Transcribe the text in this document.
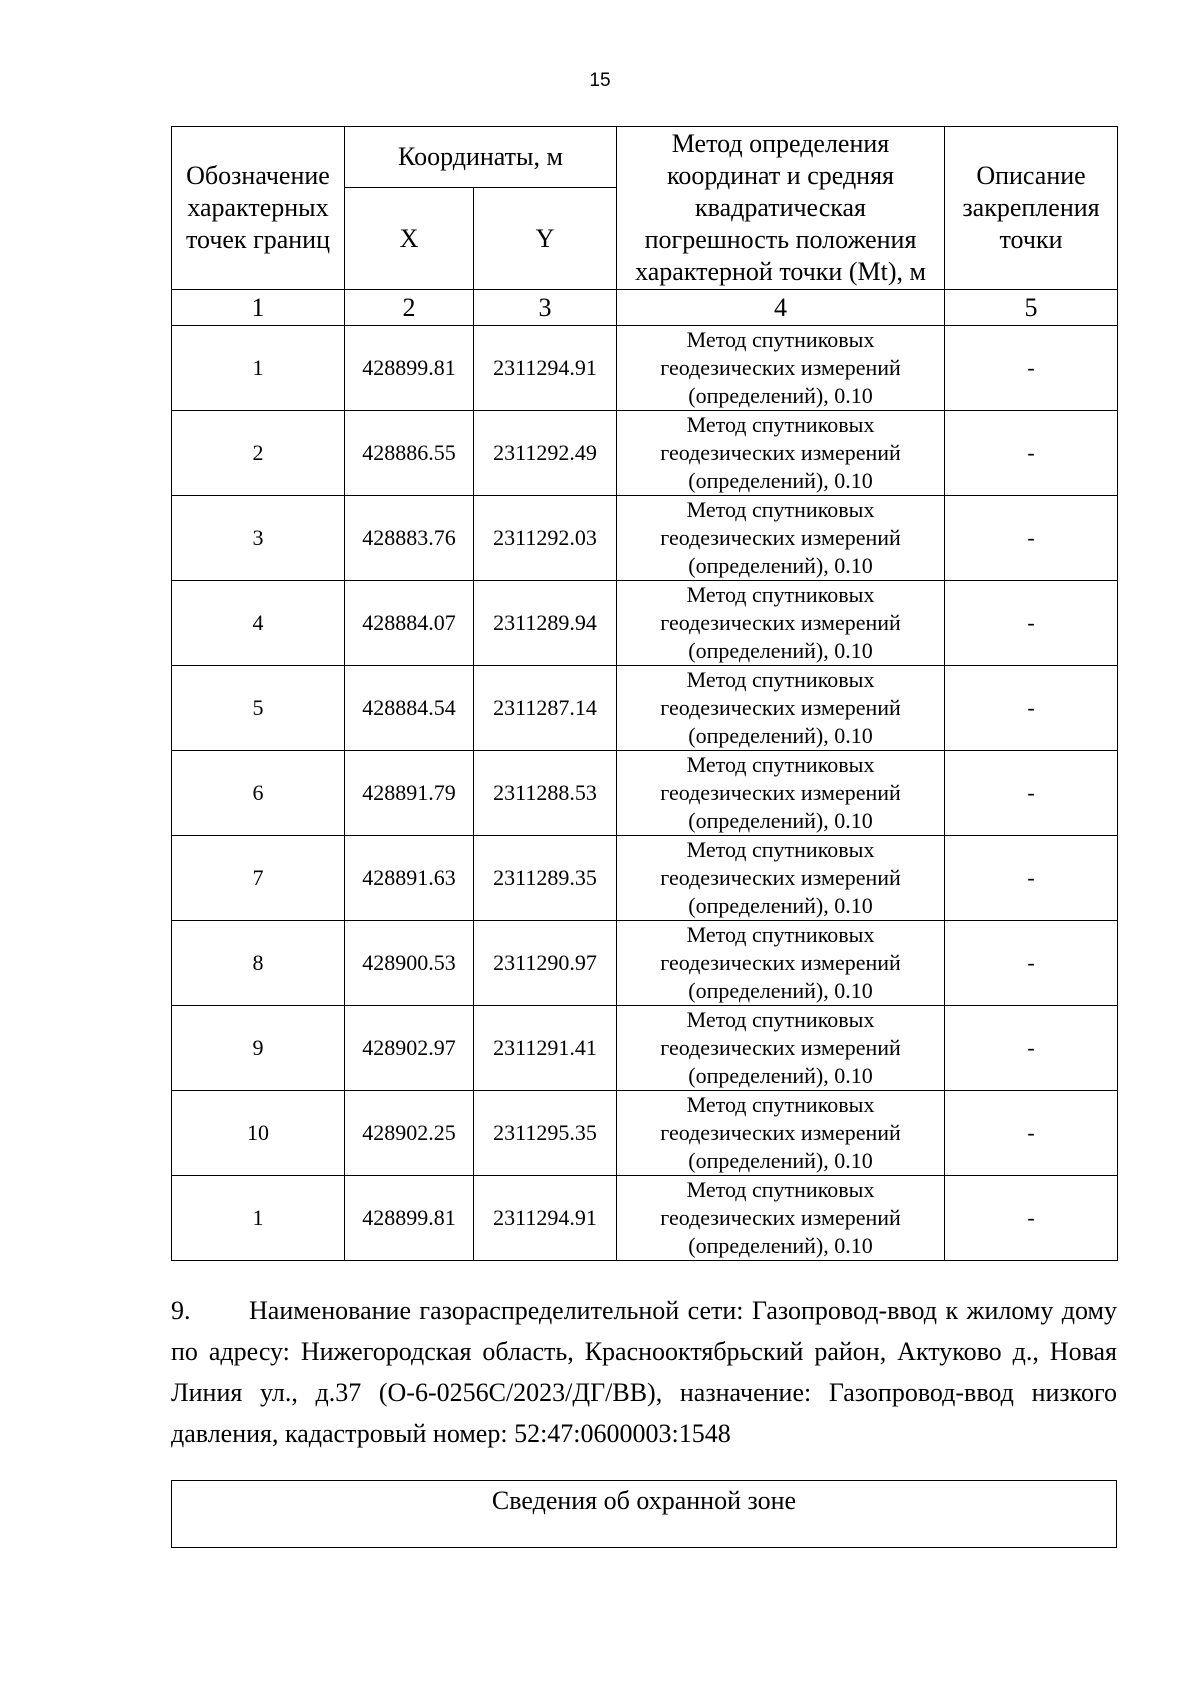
15
Обозначение характерных точек границ	Координаты, м		Метод определения координат и средняя квадратическая погрешность положения характерной точки (Mt), м	Описание закрепления точки
	X	Y		
1	2	3	4	5
1	428899.81	2311294.91	Метод спутниковых геодезических измерений (определений), 0.10	-
2	428886.55	2311292.49	Метод спутниковых геодезических измерений (определений), 0.10	-
3	428883.76	2311292.03	Метод спутниковых геодезических измерений (определений), 0.10	-
4	428884.07	2311289.94	Метод спутниковых геодезических измерений (определений), 0.10	-
5	428884.54	2311287.14	Метод спутниковых геодезических измерений (определений), 0.10	-
6	428891.79	2311288.53	Метод спутниковых геодезических измерений (определений), 0.10	-
7	428891.63	2311289.35	Метод спутниковых геодезических измерений (определений), 0.10	-
8	428900.53	2311290.97	Метод спутниковых геодезических измерений (определений), 0.10	-
9	428902.97	2311291.41	Метод спутниковых геодезических измерений (определений), 0.10	-
10	428902.25	2311295.35	Метод спутниковых геодезических измерений (определений), 0.10	-
1	428899.81	2311294.91	Метод спутниковых геодезических измерений (определений), 0.10	-
9. Наименование газораспределительной сети: Газопровод-ввод к жилому дому по адресу: Нижегородская область, Краснооктябрьский район, Актуково д., Новая Линия ул., д.37 (О-6-0256С/2023/ДГ/ВВ), назначение: Газопровод-ввод низкого давления, кадастровый номер: 52:47:0600003:1548
Сведения об охранной зоне
